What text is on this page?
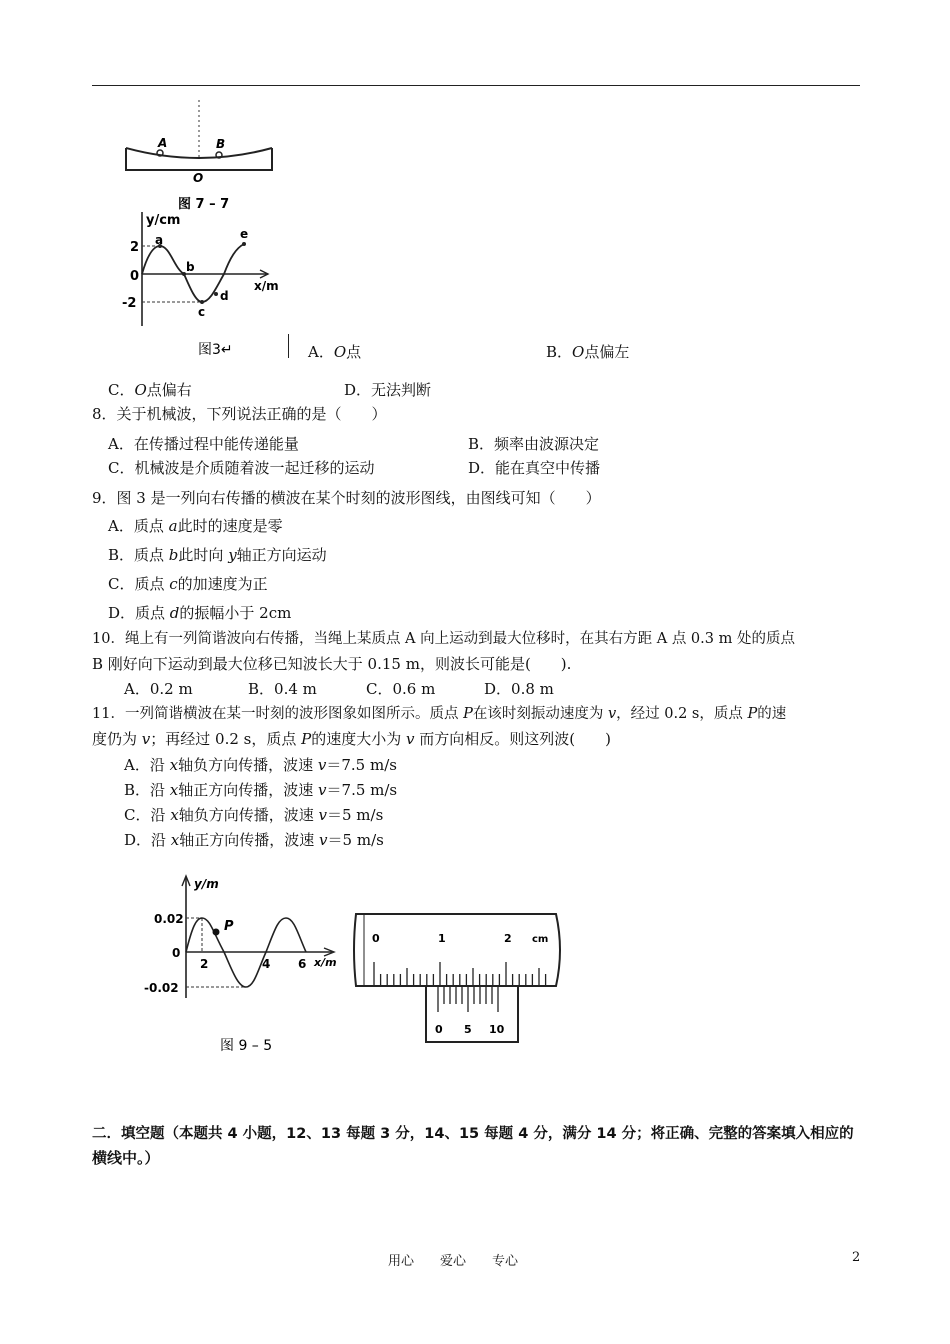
A	B
O
图 7 – 7
y/cm
x/m
2
0
-2
a
b
c
d
e
图3↵	A．O点	B．O点偏左
C．O点偏右	D．无法判断
8．关于机械波，下列说法正确的是（　　）
A．在传播过程中能传递能量	B．频率由波源决定
C．机械波是介质随着波一起迁移的运动	D．能在真空中传播
9．图 3 是一列向右传播的横波在某个时刻的波形图线，由图线可知（　　）
A．质点 a此时的速度是零
B．质点 b此时向 y轴正方向运动
C．质点 c的加速度为正
D．质点 d的振幅小于 2cm
10．绳上有一列简谐波向右传播，当绳上某质点 A 向上运动到最大位移时，在其右方距 A 点 0.3 m 处的质点
B 刚好向下运动到最大位移已知波长大于 0.15 m，则波长可能是(　　).
A．0.2 m	B．0.4 m	C．0.6 m	D．0.8 m
11．一列简谐横波在某一时刻的波形图象如图所示。质点 P在该时刻振动速度为 v，经过 0.2 s，质点 P的速
度仍为 v；再经过 0.2 s，质点 P的速度大小为 v 而方向相反。则这列波(　　)
A．沿 x轴负方向传播，波速 v＝7.5 m/s
B．沿 x轴正方向传播，波速 v＝7.5 m/s
C．沿 x轴负方向传播，波速 v＝5 m/s
D．沿 x轴正方向传播，波速 v＝5 m/s
P
y/m
x/m
0.02
0
-0.02
2	4 6
图 9 – 5
0	1	2 cm
0 5 10
二．填空题（本题共 4 小题，12、13 每题 3 分，14、15 每题 4 分，满分 14 分；将正确、完整的答案填入相应的
横线中。）
用心　　爱心　　专心	2
